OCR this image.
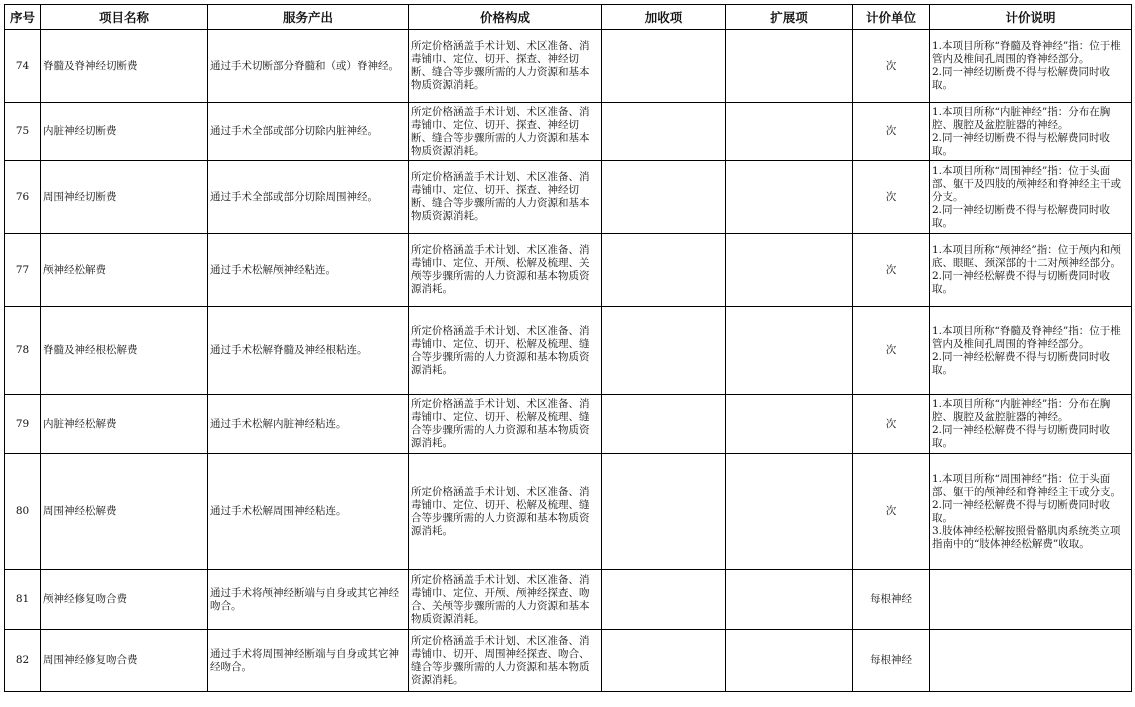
序号	项目名称	服务产出	价格构成	加收项	扩展项	计价单位	计价说明
74	脊髓及脊神经切断费	通过手术切断部分脊髓和（或）脊神经。	所定价格涵盖手术计划、术区准备、消毒铺巾、定位、切开、探查、神经切断、缝合等步骤所需的人力资源和基本物质资源消耗。			次	1.本项目所称“脊髓及脊神经”指：位于椎管内及椎间孔周围的脊神经部分。
2.同一神经切断费不得与松解费同时收取。
75	内脏神经切断费	通过手术全部或部分切除内脏神经。	所定价格涵盖手术计划、术区准备、消毒铺巾、定位、切开、探查、神经切断、缝合等步骤所需的人力资源和基本物质资源消耗。			次	1.本项目所称“内脏神经”指：分布在胸腔、腹腔及盆腔脏器的神经。
2.同一神经切断费不得与松解费同时收取。
76	周围神经切断费	通过手术全部或部分切除周围神经。	所定价格涵盖手术计划、术区准备、消毒铺巾、定位、切开、探查、神经切断、缝合等步骤所需的人力资源和基本物质资源消耗。			次	1.本项目所称“周围神经”指：位于头面部、躯干及四肢的颅神经和脊神经主干或分支。
2.同一神经切断费不得与松解费同时收取。
77	颅神经松解费	通过手术松解颅神经粘连。	所定价格涵盖手术计划、术区准备、消毒铺巾、定位、开颅、松解及梳理、关颅等步骤所需的人力资源和基本物质资源消耗。			次	1.本项目所称“颅神经”指：位于颅内和颅底、眼眶、颈深部的十二对颅神经部分。
2.同一神经松解费不得与切断费同时收取。
78	脊髓及神经根松解费	通过手术松解脊髓及神经根粘连。	所定价格涵盖手术计划、术区准备、消毒铺巾、定位、切开、松解及梳理、缝合等步骤所需的人力资源和基本物质资源消耗。			次	1.本项目所称“脊髓及脊神经”指：位于椎管内及椎间孔周围的脊神经部分。
2.同一神经松解费不得与切断费同时收取。
79	内脏神经松解费	通过手术松解内脏神经粘连。	所定价格涵盖手术计划、术区准备、消毒铺巾、定位、切开、松解及梳理、缝合等步骤所需的人力资源和基本物质资源消耗。			次	1.本项目所称“内脏神经”指：分布在胸腔、腹腔及盆腔脏器的神经。
2.同一神经松解费不得与切断费同时收取。
80	周围神经松解费	通过手术松解周围神经粘连。	所定价格涵盖手术计划、术区准备、消毒铺巾、定位、切开、松解及梳理、缝合等步骤所需的人力资源和基本物质资源消耗。			次	1.本项目所称“周围神经”指：位于头面部、躯干的颅神经和脊神经主干或分支。
2.同一神经松解费不得与切断费同时收取。
3.肢体神经松解按照骨骼肌肉系统类立项指南中的“肢体神经松解费”收取。
81	颅神经修复吻合费	通过手术将颅神经断端与自身或其它神经吻合。	所定价格涵盖手术计划、术区准备、消毒铺巾、定位、开颅、颅神经探查、吻合、关颅等步骤所需的人力资源和基本物质资源消耗。			每根神经	
82	周围神经修复吻合费	通过手术将周围神经断端与自身或其它神经吻合。	所定价格涵盖手术计划、术区准备、消毒铺巾、切开、周围神经探查、吻合、缝合等步骤所需的人力资源和基本物质资源消耗。			每根神经	
